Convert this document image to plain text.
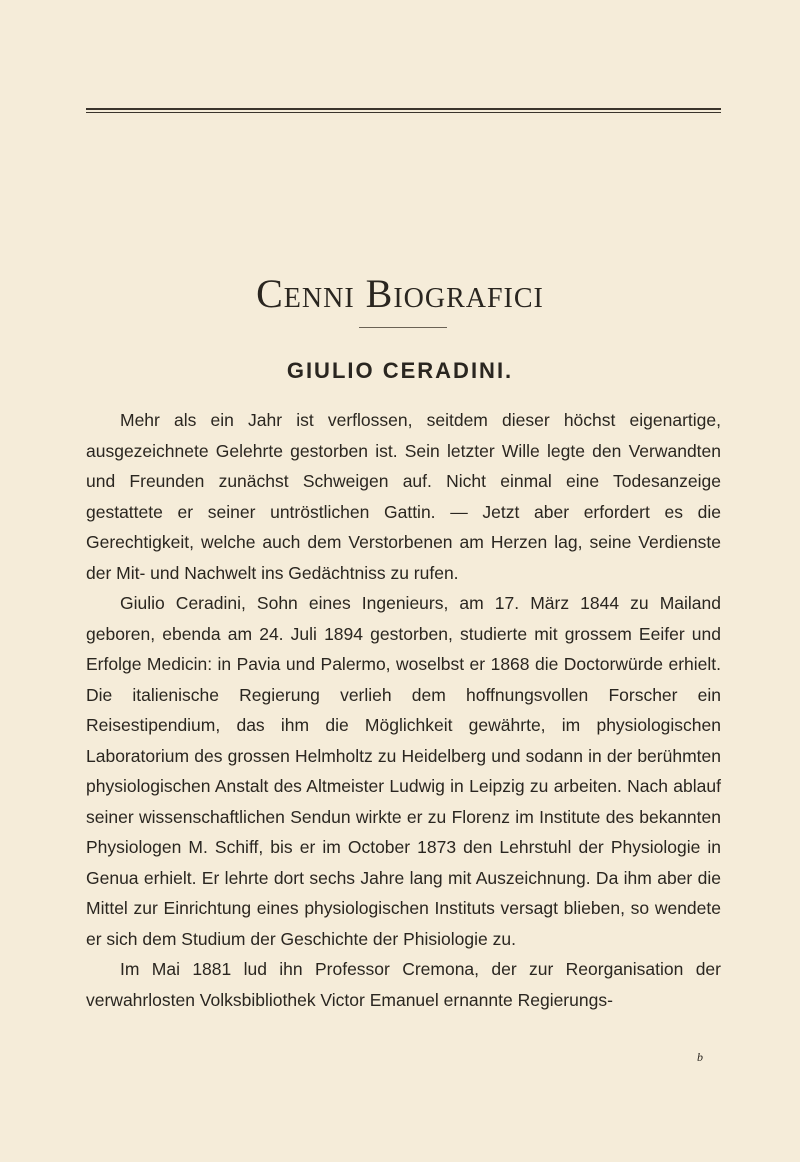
Cenni Biografici
GIULIO CERADINI.

Mehr als ein Jahr ist verflossen, seitdem dieser höchst eigenartige, ausgezeichnete Gelehrte gestorben ist. Sein letzter Wille legte den Verwandten und Freunden zunächst Schweigen auf. Nicht einmal eine Todesanzeige gestattete er seiner untröstlichen Gattin. — Jetzt aber erfordert es die Gerechtigkeit, welche auch dem Verstorbenen am Herzen lag, seine Verdienste der Mit- und Nachwelt ins Gedächtniss zu rufen.

Giulio Ceradini, Sohn eines Ingenieurs, am 17. März 1844 zu Mailand geboren, ebenda am 24. Juli 1894 gestorben, studierte mit grossem Eeifer und Erfolge Medicin: in Pavia und Palermo, woselbst er 1868 die Doctorwürde erhielt. Die italienische Regierung verlieh dem hoffnungsvollen Forscher ein Reisestipendium, das ihm die Möglichkeit gewährte, im physiologischen Laboratorium des grossen Helmholtz zu Heidelberg und sodann in der berühmten physiologischen Anstalt des Altmeister Ludwig in Leipzig zu arbeiten. Nach ablauf seiner wissenschaftlichen Sendun wirkte er zu Florenz im Institute des bekannten Physiologen M. Schiff, bis er im October 1873 den Lehrstuhl der Physiologie in Genua erhielt. Er lehrte dort sechs Jahre lang mit Auszeichnung. Da ihm aber die Mittel zur Einrichtung eines physiologischen Instituts versagt blieben, so wendete er sich dem Studium der Geschichte der Phisiologie zu.

Im Mai 1881 lud ihn Professor Cremona, der zur Reorganisation der verwahrlosten Volksbibliothek Victor Emanuel ernannte Regierungs-

b
